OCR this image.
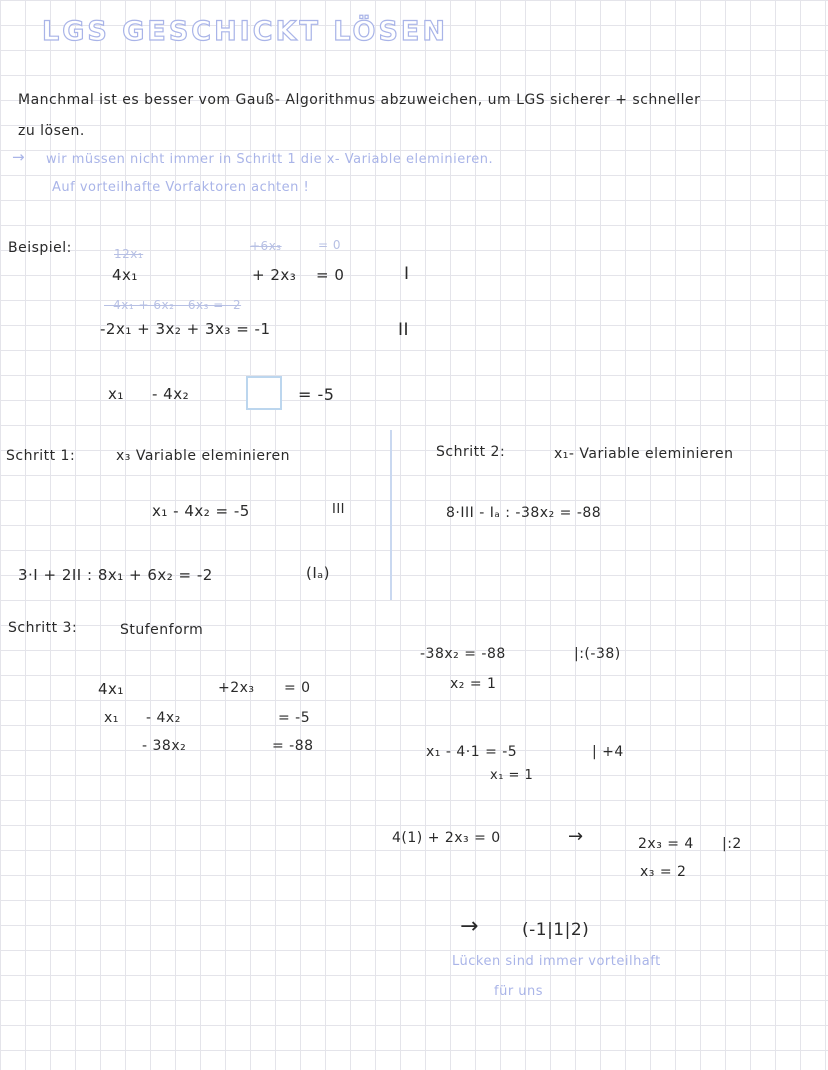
LGS GESCHICKT LÖSEN
Manchmal ist es besser vom Gauß- Algorithmus abzuweichen, um LGS sicherer + schneller
zu lösen.
→ wir müssen nicht immer in Schritt 1 die x- Variable eleminieren.
Auf vorteilhafte Vorfaktoren achten !
Beispiel:	12x₁
+6x₃	= 0
4x₁	+ 2x₃ = 0	I
- 4x₁ + 6x₂ - 6x₃ = -2
-2x₁ + 3x₂ + 3x₃ = -1	II
x₁ - 4x₂	= -5
Schritt 1:	x₃ Variable eleminieren
x₁ - 4x₂ = -5	III
3·I + 2II : 8x₁ + 6x₂ = -2	(Iₐ)
Schritt 2:	x₁- Variable eleminieren
8·III - Iₐ : -38x₂ = -88
Schritt 3:	Stufenform
4x₁	+2x₃ = 0
x₁ - 4x₂	= -5
- 38x₂	= -88
-38x₂ = -88	|:(-38)
x₂ = 1
x₁ - 4·1 = -5	| +4
x₁ = 1
4(1) + 2x₃ = 0	→	2x₃ = 4 |:2
x₃ = 2
→	(-1|1|2)
Lücken sind immer vorteilhaft
für uns
